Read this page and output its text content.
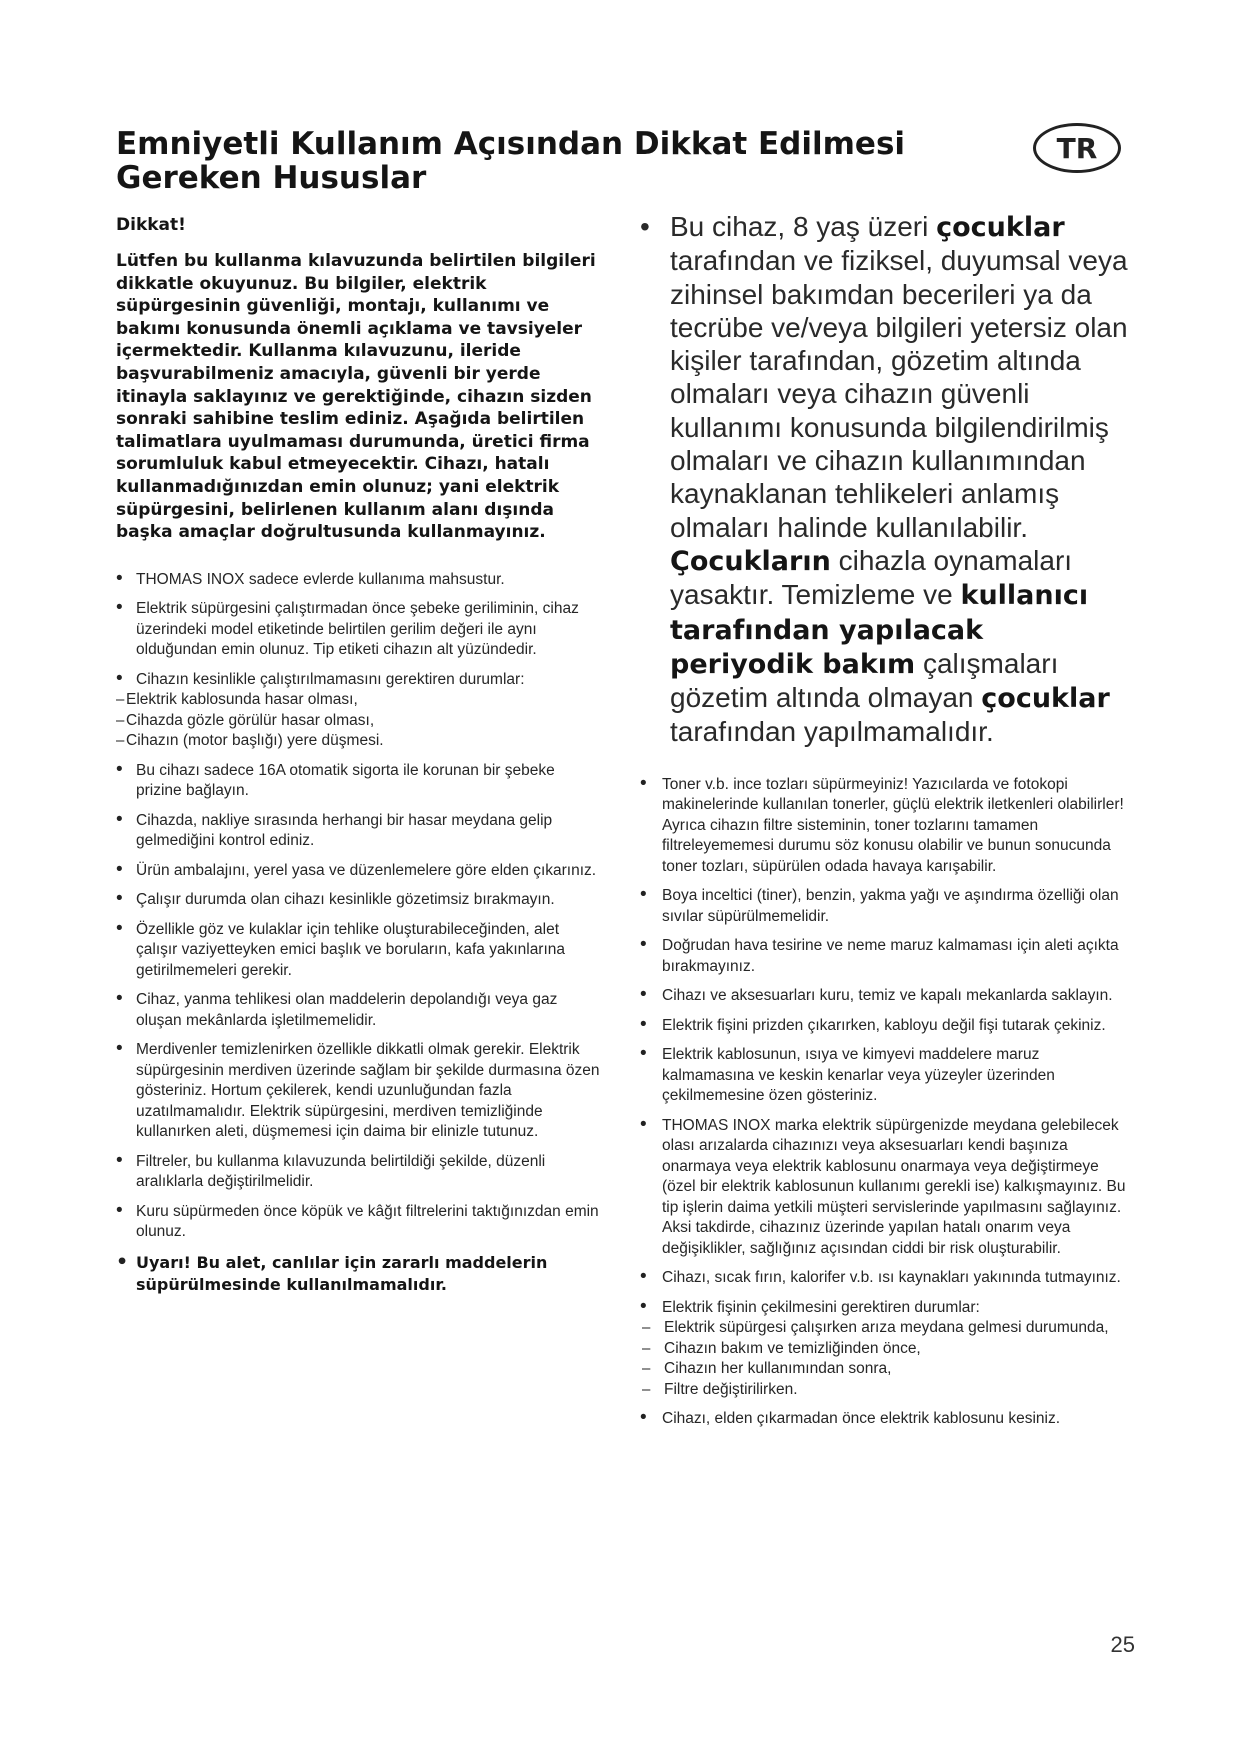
Emniyetli Kullanım Açısından Dikkat Edilmesi
Gereken Hususlar
TR

Dikkat!

Lütfen bu kullanma kılavuzunda belirtilen bilgileri dikkatle okuyunuz. Bu bilgiler, elektrik süpürgesinin güvenliği, montajı, kullanımı ve bakımı konusunda önemli açıklama ve tavsiyeler içermektedir. Kullanma kılavuzunu, ileride başvurabilmeniz amacıyla, güvenli bir yerde itinayla saklayınız ve gerektiğinde, cihazın sizden sonraki sahibine teslim ediniz. Aşağıda belirtilen talimatlara uyulmaması durumunda, üretici firma sorumluluk kabul etmeyecektir. Cihazı, hatalı kullanmadığınızdan emin olunuz; yani elektrik süpürgesini, belirlenen kullanım alanı dışında başka amaçlar doğrultusunda kullanmayınız.

• THOMAS INOX sadece evlerde kullanıma mahsustur.
• Elektrik süpürgesini çalıştırmadan önce şebeke geriliminin, cihaz üzerindeki model etiketinde belirtilen gerilim değeri ile aynı olduğundan emin olunuz. Tip etiketi cihazın alt yüzündedir.
• Cihazın kesinlikle çalıştırılmamasını gerektiren durumlar:
– Elektrik kablosunda hasar olması,
– Cihazda gözle görülür hasar olması,
– Cihazın (motor başlığı) yere düşmesi.
• Bu cihazı sadece 16A otomatik sigorta ile korunan bir şebeke prizine bağlayın.
• Cihazda, nakliye sırasında herhangi bir hasar meydana gelip gelmediğini kontrol ediniz.
• Ürün ambalajını, yerel yasa ve düzenlemelere göre elden çıkarınız.
• Çalışır durumda olan cihazı kesinlikle gözetimsiz bırakmayın.
• Özellikle göz ve kulaklar için tehlike oluşturabileceğinden, alet çalışır vaziyetteyken emici başlık ve boruların, kafa yakınlarına getirilmemeleri gerekir.
• Cihaz, yanma tehlikesi olan maddelerin depolandığı veya gaz oluşan mekânlarda işletilmemelidir.
• Merdivenler temizlenirken özellikle dikkatli olmak gerekir. Elektrik süpürgesinin merdiven üzerinde sağlam bir şekilde durmasına özen gösteriniz. Hortum çekilerek, kendi uzunluğundan fazla uzatılmamalıdır. Elektrik süpürgesini, merdiven temizliğinde kullanırken aleti, düşmemesi için daima bir elinizle tutunuz.
• Filtreler, bu kullanma kılavuzunda belirtildiği şekilde, düzenli aralıklarla değiştirilmelidir.
• Kuru süpürmeden önce köpük ve kâğıt filtrelerini taktığınızdan emin olunuz.
• Uyarı! Bu alet, canlılar için zararlı maddelerin süpürülmesinde kullanılmamalıdır.
• Bu cihaz, 8 yaş üzeri çocuklar tarafından ve fiziksel, duyumsal veya zihinsel bakımdan becerileri ya da tecrübe ve/veya bilgileri yetersiz olan kişiler tarafından, gözetim altında olmaları veya cihazın güvenli kullanımı konusunda bilgilendirilmiş olmaları ve cihazın kullanımından kaynaklanan tehlikeleri anlamış olmaları halinde kullanılabilir. Çocukların cihazla oynamaları yasaktır. Temizleme ve kullanıcı tarafından yapılacak periyodik bakım çalışmaları gözetim altında olmayan çocuklar tarafından yapılmamalıdır.
• Toner v.b. ince tozları süpürmeyiniz! Yazıcılarda ve fotokopi makinelerinde kullanılan tonerler, güçlü elektrik iletkenleri olabilirler! Ayrıca cihazın filtre sisteminin, toner tozlarını tamamen filtreleyememesi durumu söz konusu olabilir ve bunun sonucunda toner tozları, süpürülen odada havaya karışabilir.
• Boya inceltici (tiner), benzin, yakma yağı ve aşındırma özelliği olan sıvılar süpürülmemelidir.
• Doğrudan hava tesirine ve neme maruz kalmaması için aleti açıkta bırakmayınız.
• Cihazı ve aksesuarları kuru, temiz ve kapalı mekanlarda saklayın.
• Elektrik fişini prizden çıkarırken, kabloyu değil fişi tutarak çekiniz.
• Elektrik kablosunun, ısıya ve kimyevi maddelere maruz kalmamasına ve keskin kenarlar veya yüzeyler üzerinden çekilmemesine özen gösteriniz.
• THOMAS INOX marka elektrik süpürgenizde meydana gelebilecek olası arızalarda cihazınızı veya aksesuarları kendi başınıza onarmaya veya elektrik kablosunu onarmaya veya değiştirmeye (özel bir elektrik kablosunun kullanımı gerekli ise) kalkışmayınız. Bu tip işlerin daima yetkili müşteri servislerinde yapılmasını sağlayınız. Aksi takdirde, cihazınız üzerinde yapılan hatalı onarım veya değişiklikler, sağlığınız açısından ciddi bir risk oluşturabilir.
• Cihazı, sıcak fırın, kalorifer v.b. ısı kaynakları yakınında tutmayınız.
• Elektrik fişinin çekilmesini gerektiren durumlar:
– Elektrik süpürgesi çalışırken arıza meydana gelmesi durumunda,
– Cihazın bakım ve temizliğinden önce,
– Cihazın her kullanımından sonra,
– Filtre değiştirilirken.
• Cihazı, elden çıkarmadan önce elektrik kablosunu kesiniz.
25
